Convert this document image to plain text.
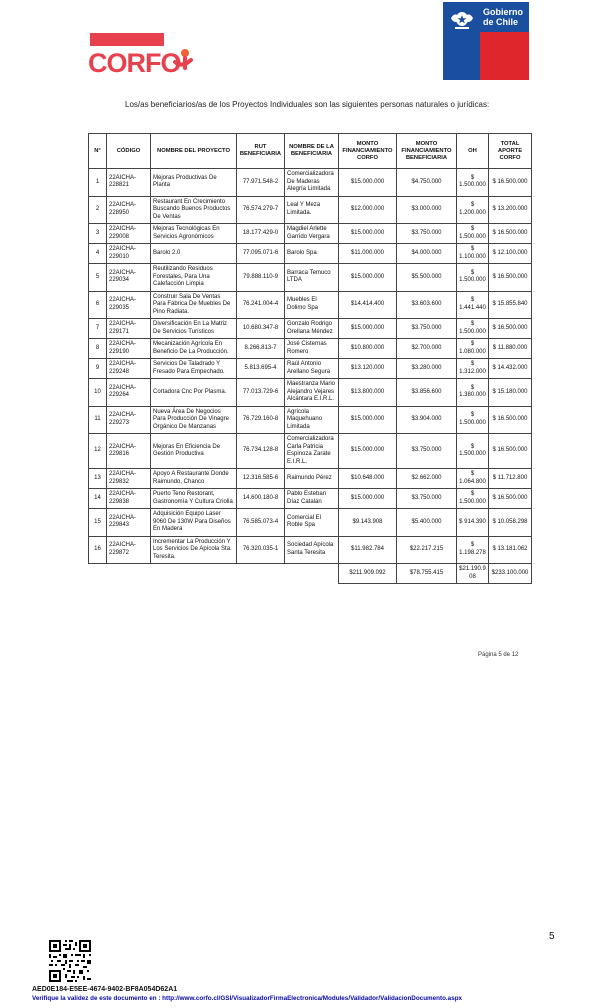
CORFO
Gobierno
de Chile
Los/as beneficiarios/as de los Proyectos Individuales son las siguientes personas naturales o jurídicas:
N°	CÓDIGO	NOMBRE DEL PROYECTO	RUT BENEFICIARIA	NOMBRE DE LA BENEFICIARIA	MONTO FINANCIAMIENTO CORFO	MONTO FINANCIAMIENTO BENEFICIARIA	OH	TOTAL APORTE CORFO
1	22AICHA-228821	Mejoras Productivas De Planta	77.971.548-2	Comercializadora De Maderas Alegría Limitada	$15.000.000	$4.750.000	$ 1.500.000	$ 16.500.000
2	22AICHA-228950	Restaurant En Crecimiento Buscando Buenos Productos De Ventas	76.574.279-7	Leal Y Meza Limitada.	$12.000.000	$3.000.000	$ 1.200.000	$ 13.200.000
3	22AICHA-229008	Mejoras Tecnológicas En Servicios Agronómicos	18.177.429-0	Magdiel Arlette Garrido Vergara	$15.000.000	$3.750.000	$ 1.500.000	$ 16.500.000
4	22AICHA-229010	Barolo 2.0	77.095.071-6	Barolo Spa	$11.000.000	$4.000.000	$ 1.100.000	$ 12.100.000
5	22AICHA-229034	Reutilizando Residuos Forestales, Para Una Calefacción Limpia	79.888.110-9	Barraca Temuco LTDA	$15.000.000	$5.500.000	$ 1.500.000	$ 16.500.000
6	22AICHA-229035	Construir Sala De Ventas Para Fábrica De Muebles De Pino Radiata.	76.241.004-4	Muebles El Dolimo Spa	$14.414.400	$3.603.600	$ 1.441.440	$ 15.855.840
7	22AICHA-229171	Diversificación En La Matriz De Servicios Turísticos	10.680.347-8	Gonzalo Rodrigo Orellana Méndez	$15.000.000	$3.750.000	$ 1.500.000	$ 16.500.000
8	22AICHA-229190	Mecanización Agrícola En Beneficio De La Producción.	8.266.813-7	José Cisternas Romero	$10.800.000	$2.700.000	$ 1.080.000	$ 11.880.000
9	22AICHA-229248	Servicios De Taladrado Y Fresado Para Empechado.	5.813.695-4	Raúl Antonio Arellano Segura	$13.120.000	$3.280.000	$ 1.312.000	$ 14.432.000
10	22AICHA-229264	Cortadora Cnc Por Plasma.	77.013.729-6	Maestranza Mario Alejandro Vejares Alcántara E.I.R.L.	$13.800.000	$3.856.600	$ 1.380.000	$ 15.180.000
11	22AICHA-229273	Nueva Área De Negocios Para Producción De Vinagre Orgánico De Manzanas	76.729.160-8	Agrícola Maquehuano Limitada	$15.000.000	$3.904.000	$ 1.500.000	$ 16.500.000
12	22AICHA-229816	Mejoras En Eficiencia De Gestión Productiva	76.734.128-8	Comercializadora Carla Patricia Espinoza Zarate E.I.R.L.	$15.000.000	$3.750.000	$ 1.500.000	$ 16.500.000
13	22AICHA-229832	Apoyo A Restaurante Donde Raimundo, Chanco	12.316.585-6	Raimundo Pérez	$10.648.000	$2.662.000	$ 1.064.800	$ 11.712.800
14	22AICHA-229838	Puerto Teno Restorant, Gastronomía Y Cultura Criolla	14.600.180-8	Pablo Esteban Díaz Catalán	$15.000.000	$3.750.000	$ 1.500.000	$ 16.500.000
15	22AICHA-229843	Adquisición Equipo Laser 9060 De 130W Para Diseños En Madera	76.585.073-4	Comercial El Roble Spa	$9.143.908	$5.400.000	$ 914.390	$ 10.058.298
16	22AICHA-229872	Incrementar La Producción Y Los Servicios De Apícola Sta. Teresita.	76.320.035-1	Sociedad Apícola Santa Teresita	$11.982.784	$22.217.215	$ 1.198.278	$ 13.181.062
					$211.909.092	$78.755.415	$21.190.908	$233.100.000
Página 5 de 12
5
AED0E184-E5EE-4674-9402-BF8A054D62A1
Verifique la validez de este documento en : http://www.corfo.cl/GSI/VisualizadorFirmaElectronica/Modules/Validador/ValidacionDocumento.aspx
